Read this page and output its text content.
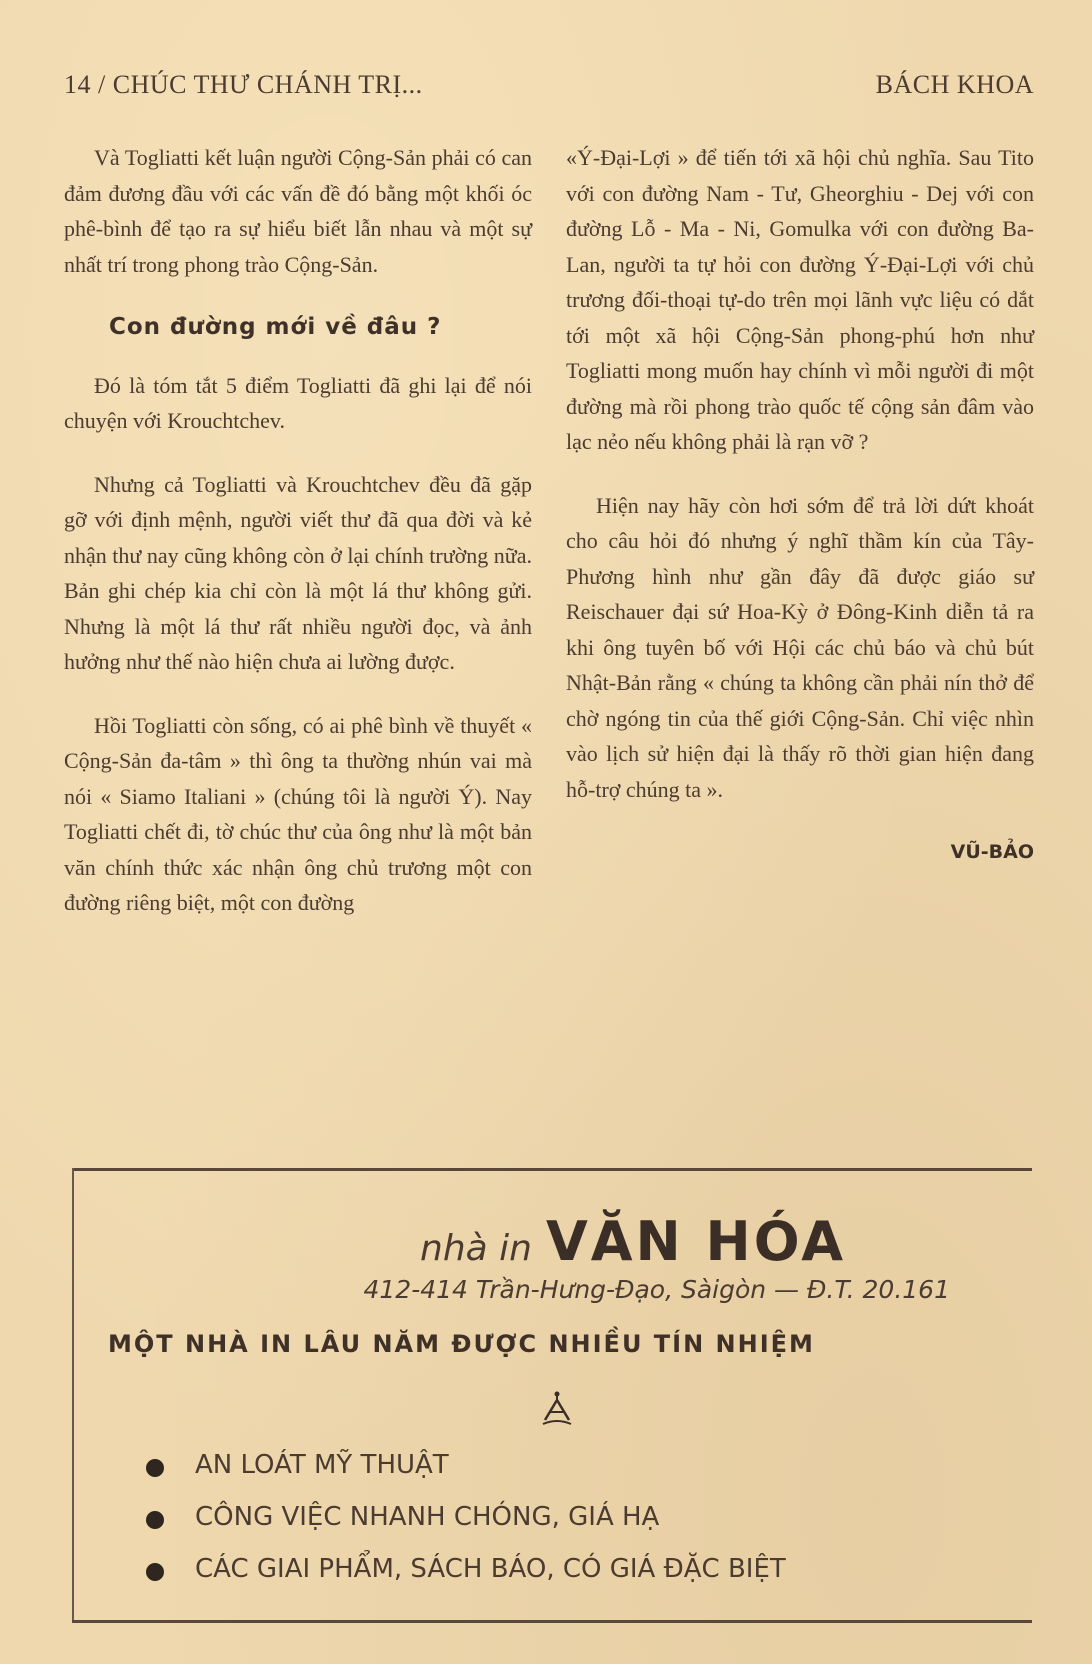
14 / CHÚC THƯ CHÁNH TRỊ...	BÁCH KHOA

Và Togliatti kết luận người Cộng-Sản phải có can đảm đương đầu với các vấn đề đó bằng một khối óc phê-bình để tạo ra sự hiểu biết lẫn nhau và một sự nhất trí trong phong trào Cộng-Sản.

Con đường mới về đâu ?

Đó là tóm tắt 5 điểm Togliatti đã ghi lại để nói chuyện với Krouchtchev.

Nhưng cả Togliatti và Krouchtchev đều đã gặp gỡ với định mệnh, người viết thư đã qua đời và kẻ nhận thư nay cũng không còn ở lại chính trường nữa. Bản ghi chép kia chỉ còn là một lá thư không gửi. Nhưng là một lá thư rất nhiều người đọc, và ảnh hưởng như thế nào hiện chưa ai lường được.

Hồi Togliatti còn sống, có ai phê bình về thuyết « Cộng-Sản đa-tâm » thì ông ta thường nhún vai mà nói « Siamo Italiani » (chúng tôi là người Ý). Nay Togliatti chết đi, tờ chúc thư của ông như là một bản văn chính thức xác nhận ông chủ trương một con đường riêng biệt, một con đường

«Ý-Đại-Lợi » để tiến tới xã hội chủ nghĩa. Sau Tito với con đường Nam - Tư, Gheorghiu - Dej với con đường Lỗ - Ma - Ni, Gomulka với con đường Ba-Lan, người ta tự hỏi con đường Ý-Đại-Lợi với chủ trương đối-thoại tự-do trên mọi lãnh vực liệu có dắt tới một xã hội Cộng-Sản phong-phú hơn như Togliatti mong muốn hay chính vì mỗi người đi một đường mà rồi phong trào quốc tế cộng sản đâm vào lạc nẻo nếu không phải là rạn vỡ ?

Hiện nay hãy còn hơi sớm để trả lời dứt khoát cho câu hỏi đó nhưng ý nghĩ thầm kín của Tây-Phương hình như gần đây đã được giáo sư Reischauer đại sứ Hoa-Kỳ ở Đông-Kinh diễn tả ra khi ông tuyên bố với Hội các chủ báo và chủ bút Nhật-Bản rằng « chúng ta không cần phải nín thở để chờ ngóng tin của thế giới Cộng-Sản. Chỉ việc nhìn vào lịch sử hiện đại là thấy rõ thời gian hiện đang hỗ-trợ chúng ta ».

VŨ-BẢO
nhà in VĂN HÓA
412-414 Trần-Hưng-Đạo, Sàigòn — Đ.T. 20.161
MỘT NHÀ IN LÂU NĂM ĐƯỢC NHIỀU TÍN NHIỆM
AN LOÁT MỸ THUẬT
CÔNG VIỆC NHANH CHÓNG, GIÁ HẠ
CÁC GIAI PHẨM, SÁCH BÁO, CÓ GIÁ ĐẶC BIỆT
